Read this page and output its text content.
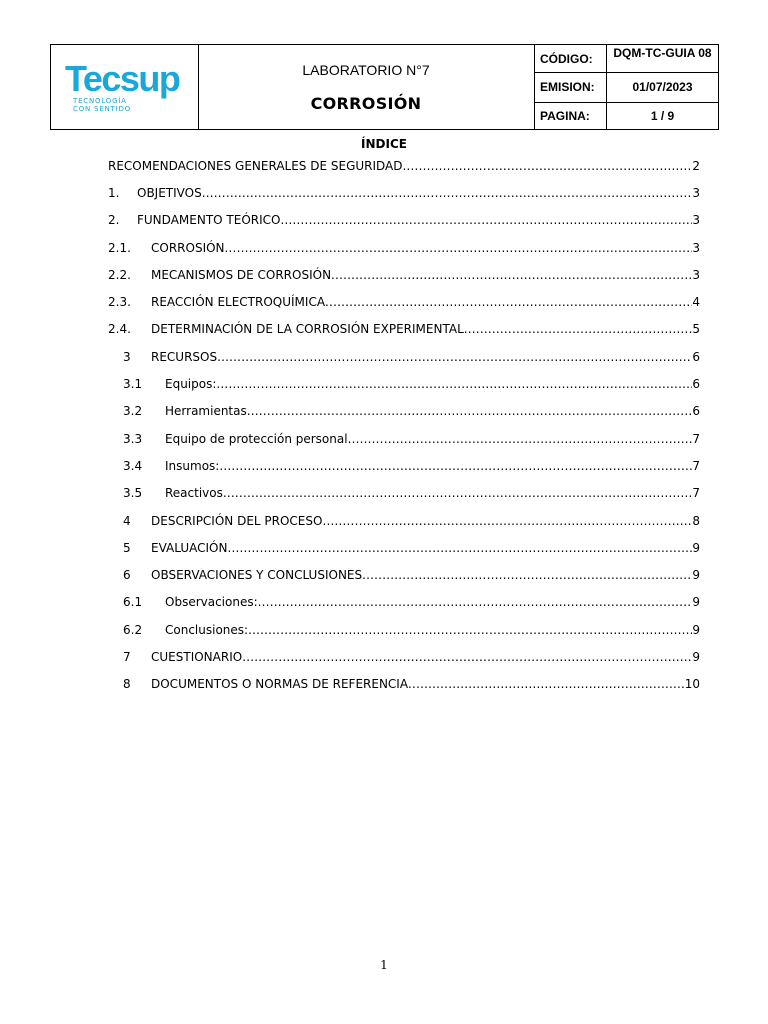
Tecsup
TECNOLOGÍA
CON SENTIDO
LABORATORIO N°7
CORROSIÓN
CÓDIGO:	DQM-TC-GUIA 08
EMISION:	01/07/2023
PAGINA:	1 / 9
ÍNDICE
RECOMENDACIONES GENERALES DE SEGURIDAD .....	2
1.	OBJETIVOS .....	3
2.	FUNDAMENTO TEÓRICO .....	3
2.1.	CORROSIÓN .....	3
2.2.	MECANISMOS DE CORROSIÓN .....	3
2.3.	REACCIÓN ELECTROQUÍMICA .....	4
2.4.	DETERMINACIÓN DE LA CORROSIÓN EXPERIMENTAL .....	5
3	RECURSOS .....	6
3.1	Equipos: .....	6
3.2	Herramientas .....	6
3.3	Equipo de protección personal .....	7
3.4	Insumos: .....	7
3.5	Reactivos .....	7
4	DESCRIPCIÓN DEL PROCESO .....	8
5	EVALUACIÓN .....	9
6	OBSERVACIONES Y CONCLUSIONES .....	9
6.1	Observaciones: .....	9
6.2	Conclusiones: .....	9
7	CUESTIONARIO .....	9
8	DOCUMENTOS O NORMAS DE REFERENCIA .....	10
1
